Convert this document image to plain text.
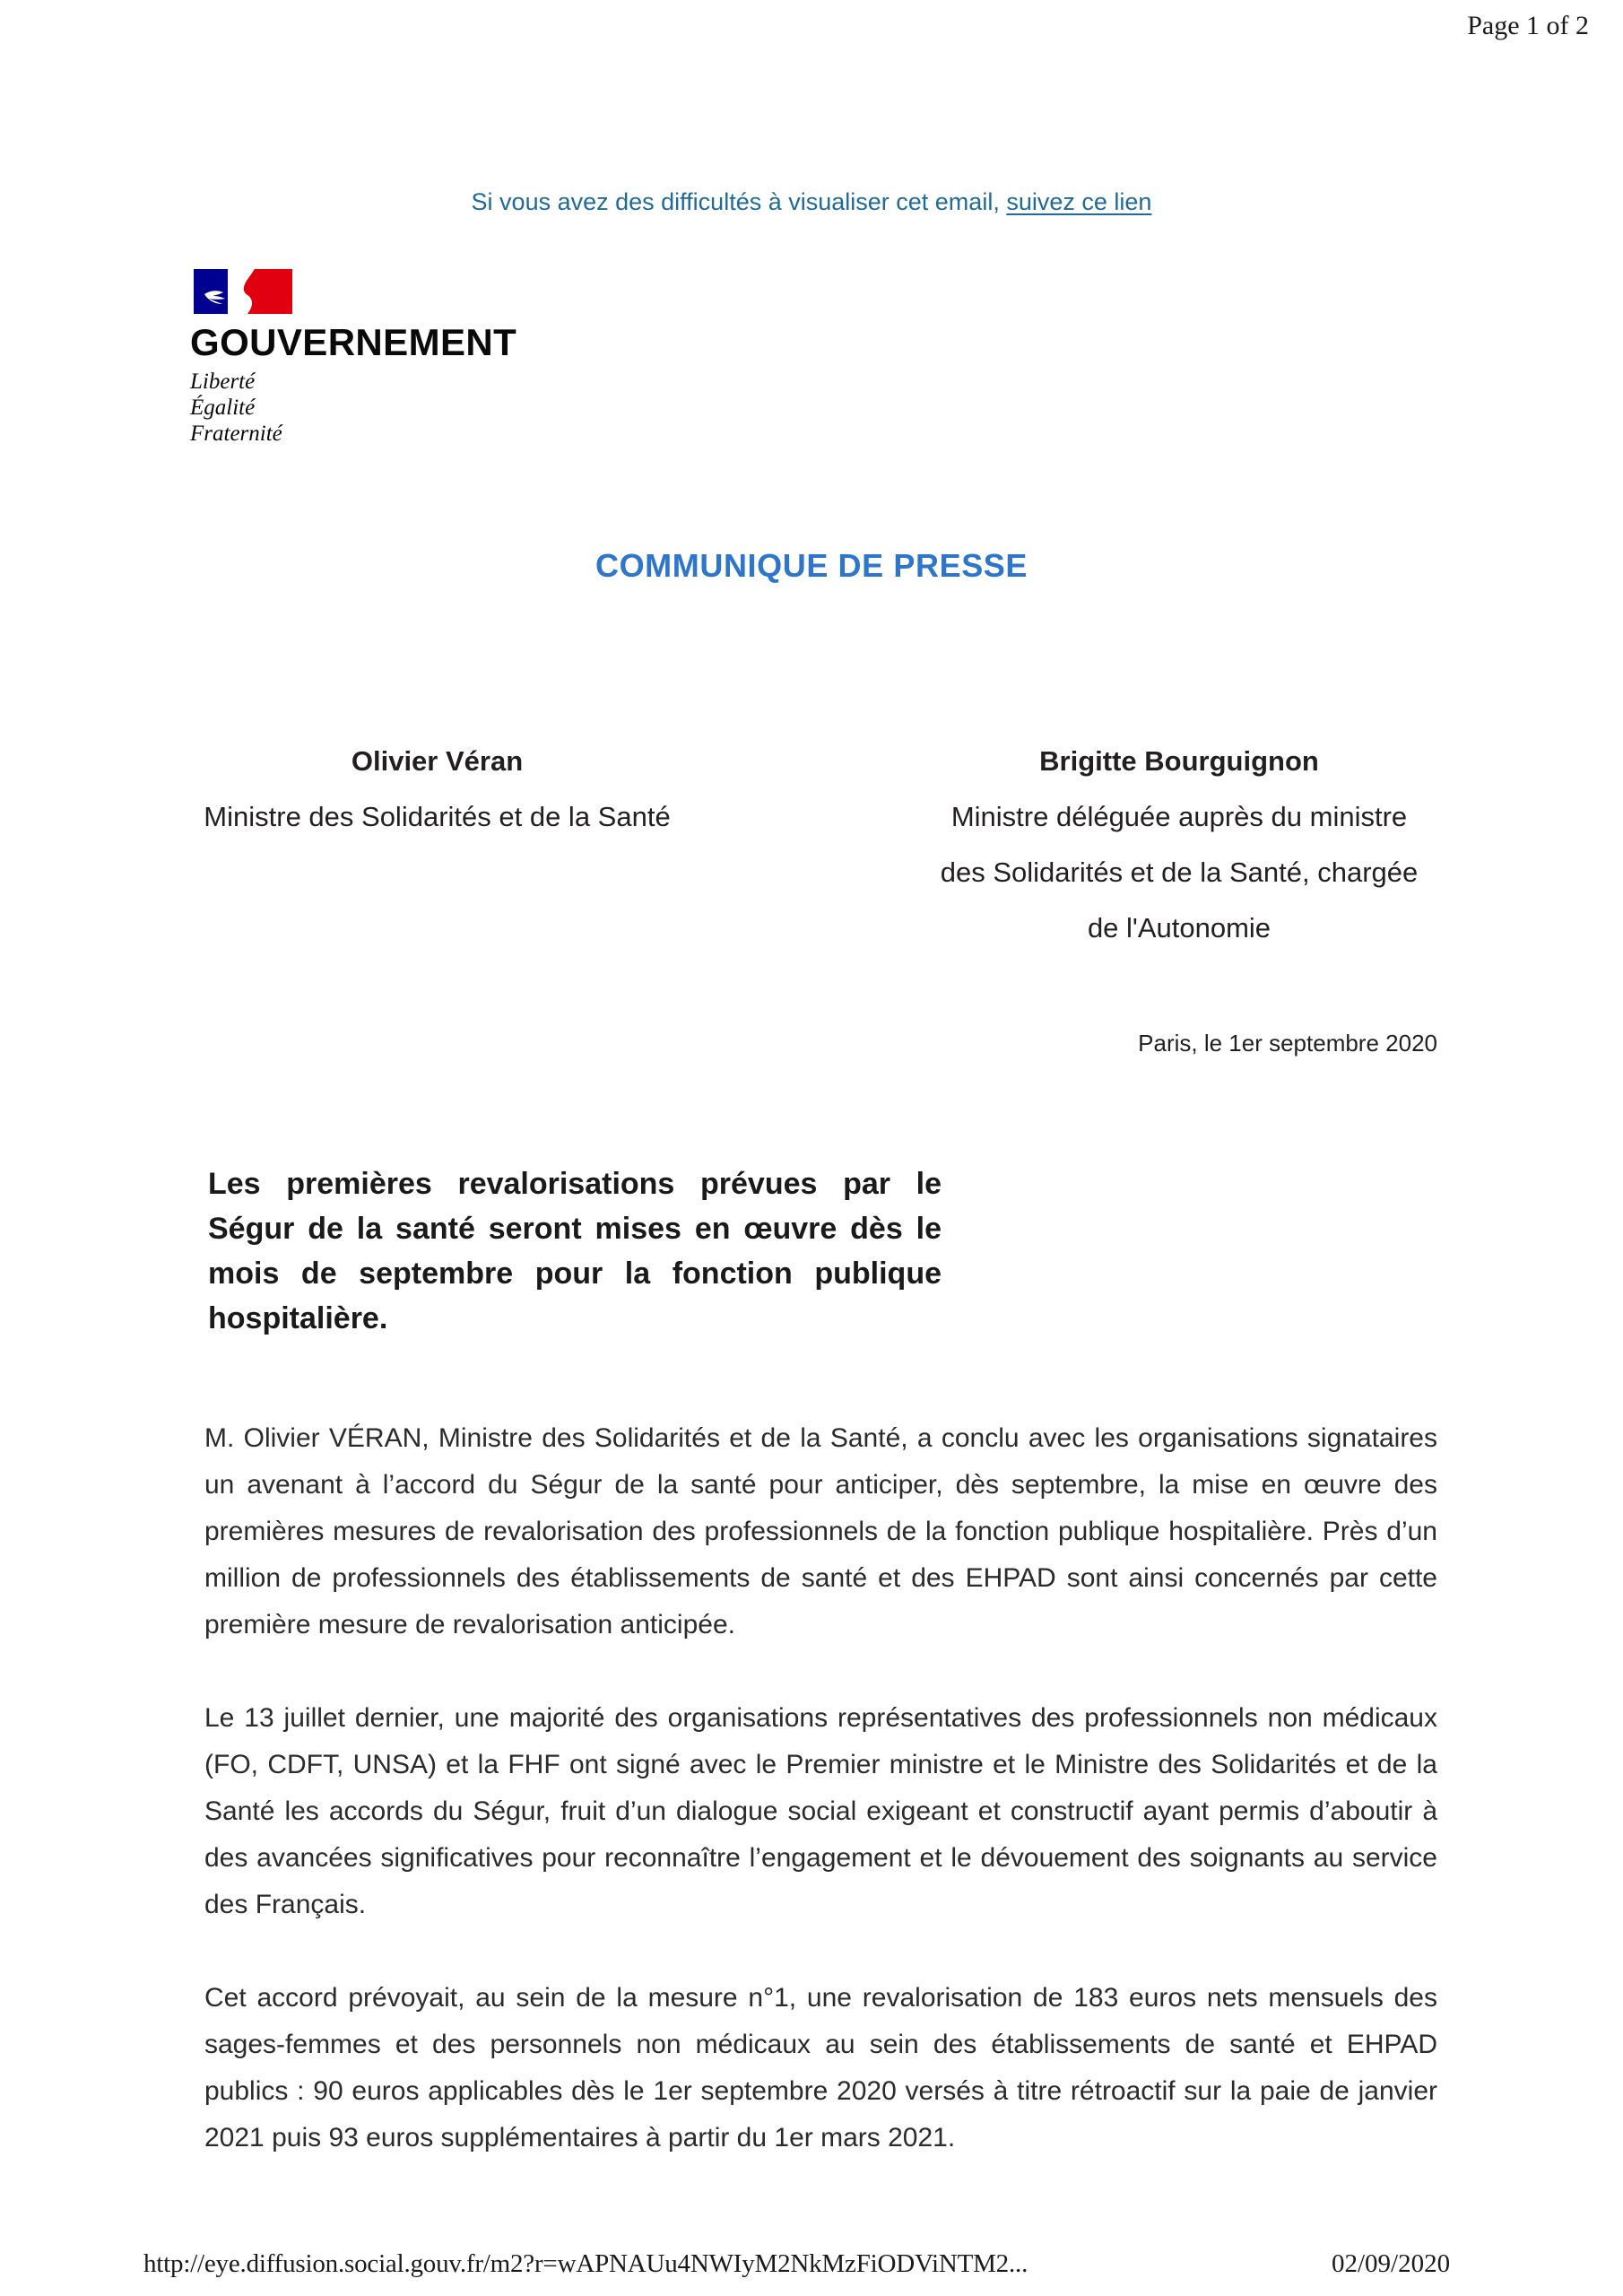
Page 1 of 2
Si vous avez des difficultés à visualiser cet email, suivez ce lien
GOUVERNEMENT
Liberté
Égalité
Fraternité
COMMUNIQUE DE PRESSE
Olivier Véran
Ministre des Solidarités et de la Santé
Brigitte Bourguignon
Ministre déléguée auprès du ministre
des Solidarités et de la Santé, chargée
de l'Autonomie
Paris, le 1er septembre 2020
Les premières revalorisations prévues par le Ségur de la santé seront mises en œuvre dès le mois de septembre pour la fonction publique hospitalière.

M. Olivier VÉRAN, Ministre des Solidarités et de la Santé, a conclu avec les organisations signataires un avenant à l’accord du Ségur de la santé pour anticiper, dès septembre, la mise en œuvre des premières mesures de revalorisation des professionnels de la fonction publique hospitalière. Près d’un million de professionnels des établissements de santé et des EHPAD sont ainsi concernés par cette première mesure de revalorisation anticipée.

Le 13 juillet dernier, une majorité des organisations représentatives des professionnels non médicaux (FO, CDFT, UNSA) et la FHF ont signé avec le Premier ministre et le Ministre des Solidarités et de la Santé les accords du Ségur, fruit d’un dialogue social exigeant et constructif ayant permis d’aboutir à des avancées significatives pour reconnaître l’engagement et le dévouement des soignants au service des Français.

Cet accord prévoyait, au sein de la mesure n°1, une revalorisation de 183 euros nets mensuels des sages-femmes et des personnels non médicaux au sein des établissements de santé et EHPAD publics : 90 euros applicables dès le 1er septembre 2020 versés à titre rétroactif sur la paie de janvier 2021 puis 93 euros supplémentaires à partir du 1er mars 2021.

http://eye.diffusion.social.gouv.fr/m2?r=wAPNAUu4NWIyM2NkMzFiODViNTM2...	02/09/2020
